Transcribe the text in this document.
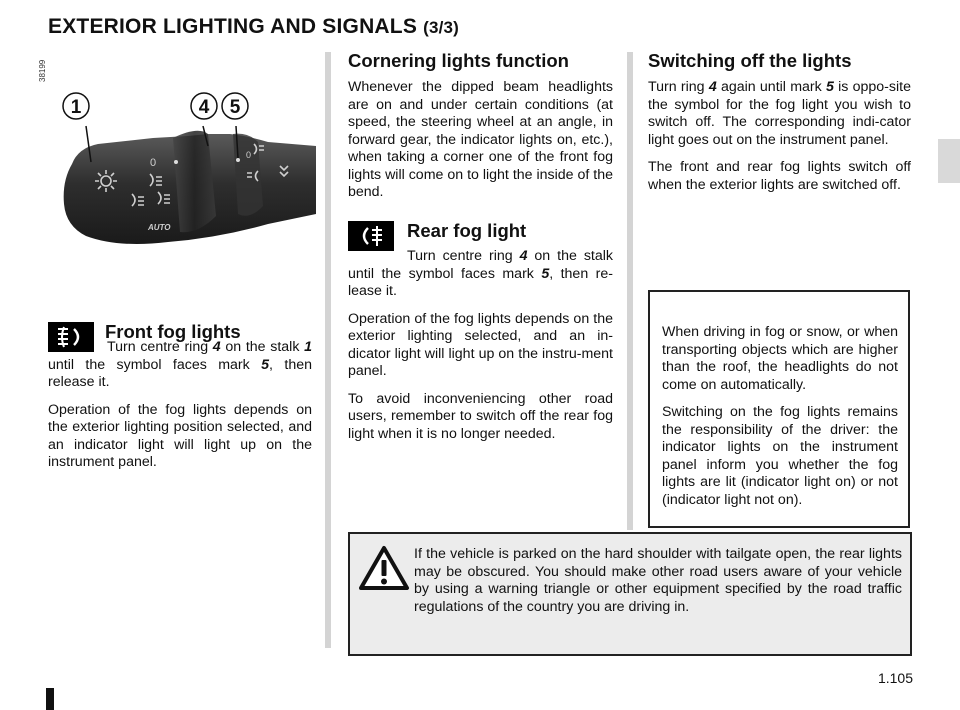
EXTERIOR LIGHTING AND SIGNALS (3/3)
38199
0
0
AUTO
1	4 5
Front fog lights

Turn centre ring 4 on the stalk 1 until the symbol faces mark 5, then release it.

Operation of the fog lights depends on the exterior lighting position selected, and an indicator light will light up on the instrument panel.

Cornering lights function

Whenever the dipped beam headlights are on and under certain conditions (at speed, the steering wheel at an angle, in forward gear, the indicator lights on, etc.), when taking a corner one of the front fog lights will come on to light the inside of the bend.

Rear fog light

Turn centre ring 4 on the stalk until the symbol faces mark 5, then re-lease it.

Operation of the fog lights depends on the exterior lighting selected, and an in-dicator light will light up on the instru-ment panel.

To avoid inconveniencing other road users, remember to switch off the rear fog light when it is no longer needed.

Switching off the lights

Turn ring 4 again until mark 5 is oppo-site the symbol for the fog light you wish to switch off. The corresponding indi-cator light goes out on the instrument panel.

The front and rear fog lights switch off when the exterior lights are switched off.

When driving in fog or snow, or when transporting objects which are higher than the roof, the headlights do not come on automatically.

Switching on the fog lights remains the responsibility of the driver: the indicator lights on the instrument panel inform you whether the fog lights are lit (indicator light on) or not (indicator light not on).

If the vehicle is parked on the hard shoulder with tailgate open, the rear lights may be obscured. You should make other road users aware of your vehicle by using a warning triangle or other equipment specified by the road traffic regulations of the country you are driving in.
1.105
